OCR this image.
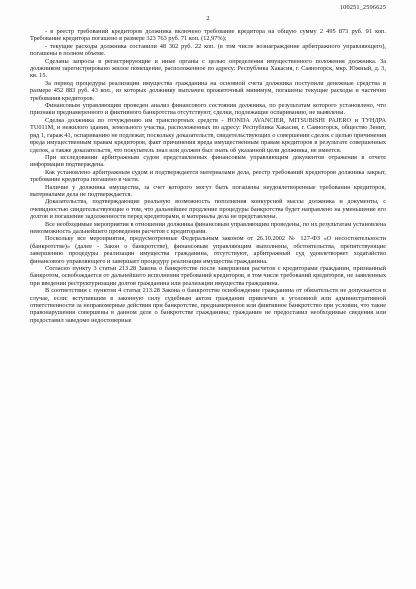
100251_2596625
2

- в реестр требований кредиторов должника включено требование кредитора на общую сумму 2 495 873 руб. 91 коп. Требование кредитора погашено в размере 323 763 руб. 71 коп. (12,97%);

- текущие расходы должника составили 48 302 руб. 22 коп. (в том числе вознаграждение арбитражного управляющего), погашены в полном объеме.

Сделаны запросы в регистрирующие и иные органы с целью определения имущественного положения должника. За должником зарегистрировано жилое помещение, расположенное по адресу: Республика Хакасия, г. Саяногорск, мкр. Южный, д. 3, кв. 15.

За период процедуры реализации имущества гражданина на основной счета должника поступили денежные средства в размере 452 883 руб. 43 коп., из которых должнику выплачен прожиточный минимум, погашены текущие расходы и частично требования кредиторов.

Финансовым управляющим проведен анализ финансового состояния должника, по результатам которого установлено, что признаки преднамеренного и фиктивного банкротства отсутствуют, сделки, подлежащие оспариванию, не выявлены.

Сделка должника по отчуждению им транспортных средств - HONDA AVANCIER, MITSUBISHI PAJERO и ТУНДРА TU011M, и нежилого здания, земельного участка, расположенных по адресу: Республика Хакасия, г. Саяногорск, общество Зенит, ряд 1, гараж 41, оспариванию не подлежат, поскольку доказательств, свидетельствующих о совершении сделок с целью причинения вреда имущественным правам кредиторов, факт причинения вреда имущественным правам кредиторов в результате совершенных сделок, а также доказательств, что покупатель знал или должен был знать об указанной цели должника, не имеется.

При исследовании арбитражным судом представленных финансовым управляющим документов отражения в отчете информации подтверждена.

Как установлено арбитражным судом и подтверждается материалами дела, реестр требований кредиторов должника закрыт, требование кредитора погашено в части.

Наличие у должника имущества, за счет которого могут быть погашены неудовлетворенные требования кредиторов, материалами дела не подтверждается.

Доказательства, подтверждающие реальную возможность пополнения конкурсной массы должника и документы, с очевидностью свидетельствующие о том, что дальнейшее продление процедуры банкротства будет направлено на уменьшение его долгов и погашение задолженности перед кредиторами, в материалы дела не представлены.

Все необходимые мероприятия в отношении должника финансовым управляющим проведены, по их результатам установлена невозможность дальнейшего проведения расчетов с кредиторами.

Поскольку все мероприятия, предусмотренные Федеральным законом от 26.10.2002 № 127-ФЗ «О несостоятельности (банкротстве)» (далее - Закон о банкротстве), финансовым управляющим выполнены, обстоятельства, препятствующие завершению процедуры реализации имущества гражданина, отсутствуют, арбитражный суд удовлетворяет ходатайство финансового управляющего и завершает процедуру реализации имущества гражданина.

Согласно пункту 3 статьи 213.28 Закона о банкротстве после завершения расчетов с кредиторами гражданин, признанный банкротом, освобождается от дальнейшего исполнения требований кредиторов, в том числе требований кредиторов, не заявленных при введении реструктуризации долгов гражданина или реализации имущества гражданина.

В соответствии с пунктом 4 статьи 213.28 Закона о банкротстве освобождение гражданина от обязательств не допускается в случае, если: вступившим в законную силу судебным актом гражданин привлечен к уголовной или административной ответственности за неправомерные действия при банкротстве, преднамеренное или фиктивное банкротство при условии, что такие правонарушения совершены в данном деле о банкротстве гражданина; гражданин не предоставил необходимые сведения или предоставил заведомо недостоверные
